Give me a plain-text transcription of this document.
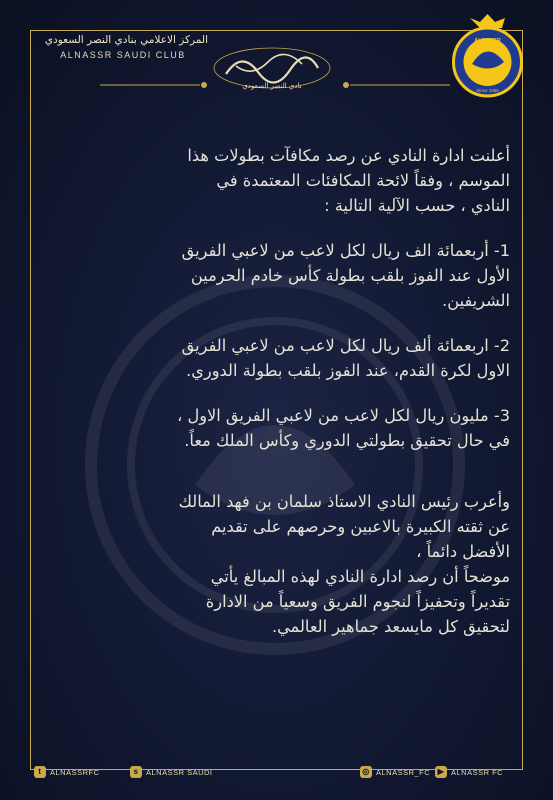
المركز الاعلامي بنادي النصر السعودي
ALNASSR SAUDI CLUB
نادي النصر السعودي
ALNASSR
Since 1955

أعلنت ادارة النادي عن رصد مكافآت بطولات هذا
الموسم ، وفقاً لائحة المكافئات المعتمدة في
النادي ، حسب الآلية التالية :

1- أربعمائة الف ريال لكل لاعب من لاعبي الفريق
الأول عند الفوز بلقب بطولة كأس خادم الحرمين
الشريفين.

2- اربعمائة ألف ريال لكل لاعب من لاعبي الفريق
الاول لكرة القدم، عند الفوز بلقب بطولة الدوري.

3- مليون ريال لكل لاعب من لاعبي الفريق الاول ،
في حال تحقيق بطولتي الدوري وكأس الملك معاً.

وأعرب رئيس النادي الاستاذ سلمان بن فهد المالك
عن ثقته الكبيرة بالاعبين وحرصهم على تقديم
الأفضل دائماً ،

موضحاً أن رصد ادارة النادي لهذه المبالغ يأتي
تقديراً وتحفيزاً لنجوم الفريق وسعياً من الادارة
لتحقيق كل مايسعد جماهير العالمي.

t	ALNASSRFC	s	ALNASSR SAUDI	◎ ALNASSR_FC ▶ ALNASSR FC
